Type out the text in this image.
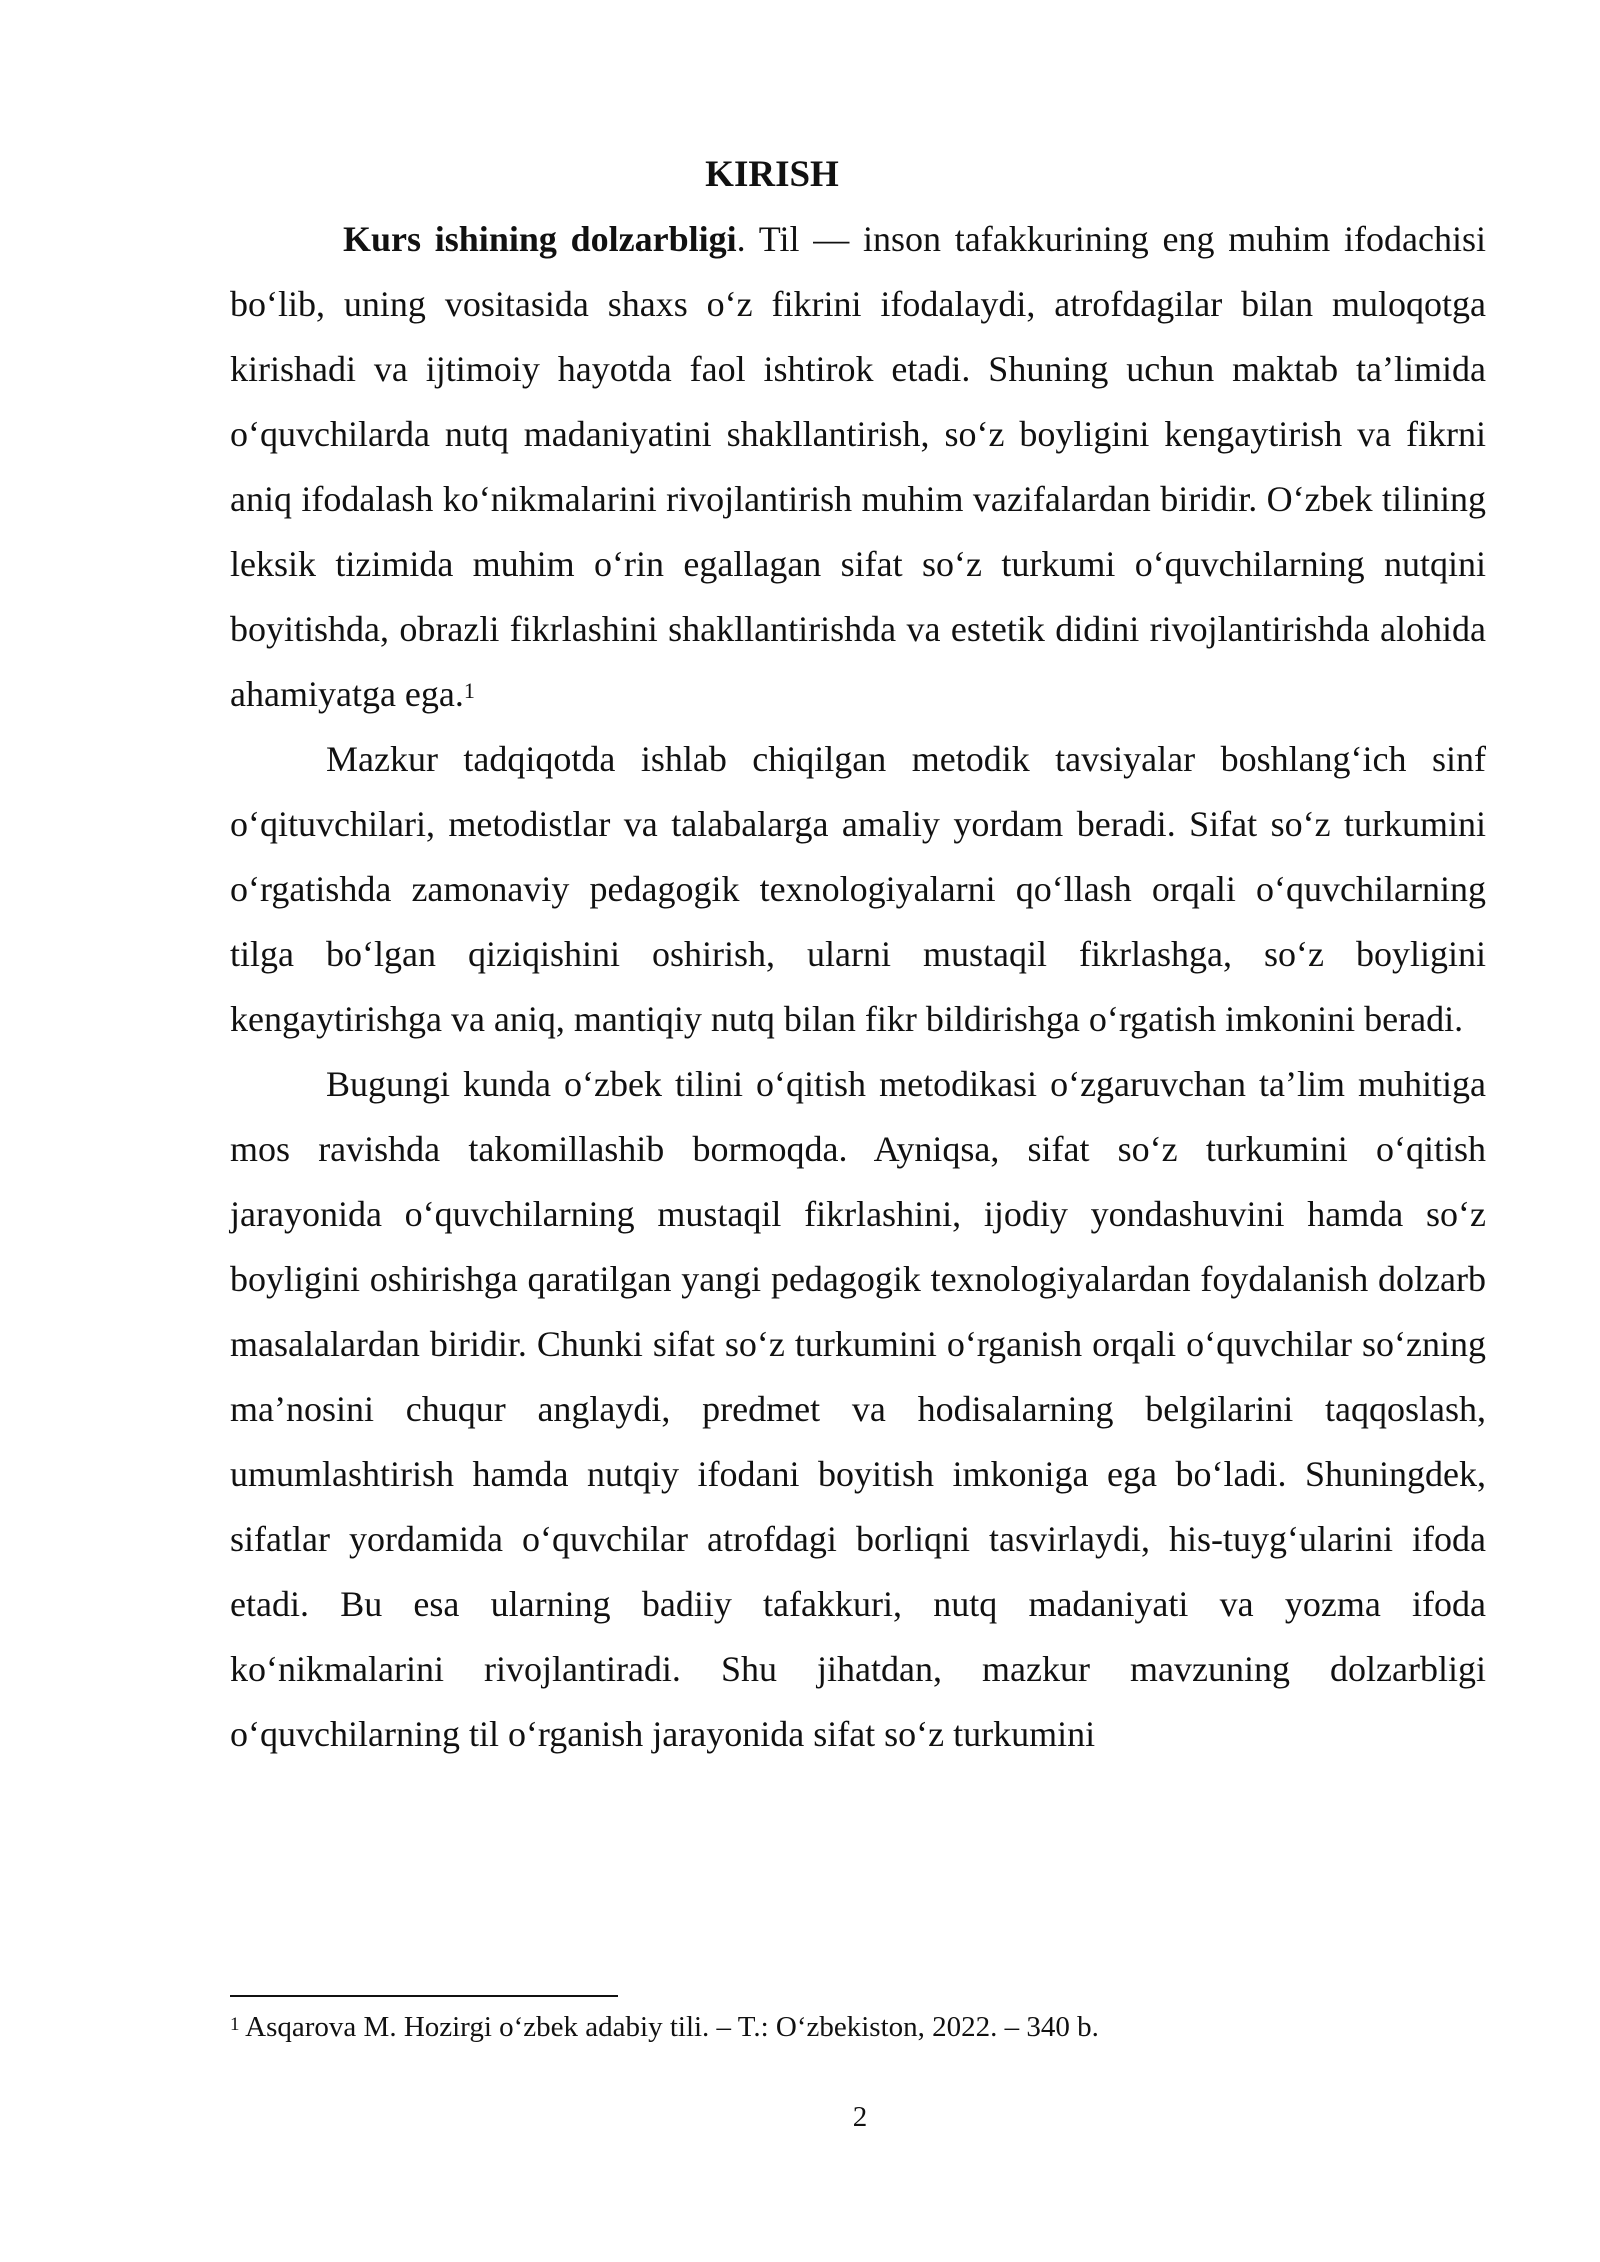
KIRISH

Kurs ishining dolzarbligi. Til — inson tafakkurining eng muhim ifodachisi bo‘lib, uning vositasida shaxs o‘z fikrini ifodalaydi, atrofdagilar bilan muloqotga kirishadi va ijtimoiy hayotda faol ishtirok etadi. Shuning uchun maktab ta’limida o‘quvchilarda nutq madaniyatini shakllantirish, so‘z boyligini kengaytirish va fikrni aniq ifodalash ko‘nikmalarini rivojlantirish muhim vazifalardan biridir. O‘zbek tilining leksik tizimida muhim o‘rin egallagan sifat so‘z turkumi o‘quvchilarning nutqini boyitishda, obrazli fikrlashini shakllantirishda va estetik didini rivojlantirishda alohida ahamiyatga ega.$^1$

Mazkur tadqiqotda ishlab chiqilgan metodik tavsiyalar boshlang‘ich sinf o‘qituvchilari, metodistlar va talabalarga amaliy yordam beradi. Sifat so‘z turkumini o‘rgatishda zamonaviy pedagogik texnologiyalarni qo‘llash orqali o‘quvchilarning tilga bo‘lgan qiziqishini oshirish, ularni mustaqil fikrlashga, so‘z boyligini kengaytirishga va aniq, mantiqiy nutq bilan fikr bildirishga o‘rgatish imkonini beradi.

Bugungi kunda o‘zbek tilini o‘qitish metodikasi o‘zgaruvchan ta’lim muhitiga mos ravishda takomillashib bormoqda. Ayniqsa, sifat so‘z turkumini o‘qitish jarayonida o‘quvchilarning mustaqil fikrlashini, ijodiy yondashuvini hamda so‘z boyligini oshirishga qaratilgan yangi pedagogik texnologiyalardan foydalanish dolzarb masalalardan biridir. Chunki sifat so‘z turkumini o‘rganish orqali o‘quvchilar so‘zning ma’nosini chuqur anglaydi, predmet va hodisalarning belgilarini taqqoslash, umumlashtirish hamda nutqiy ifodani boyitish imkoniga ega bo‘ladi. Shuningdek, sifatlar yordamida o‘quvchilar atrofdagi borliqni tasvirlaydi, his-tuyg‘ularini ifoda etadi. Bu esa ularning badiiy tafakkuri, nutq madaniyati va yozma ifoda ko‘nikmalarini rivojlantiradi. Shu jihatdan, mazkur mavzuning dolzarbligi o‘quvchilarning til o‘rganish jarayonida sifat so‘z turkumini

$^1$ Asqarova M. Hozirgi o‘zbek adabiy tili. – T.: O‘zbekiston, 2022. – 340 b.
2
